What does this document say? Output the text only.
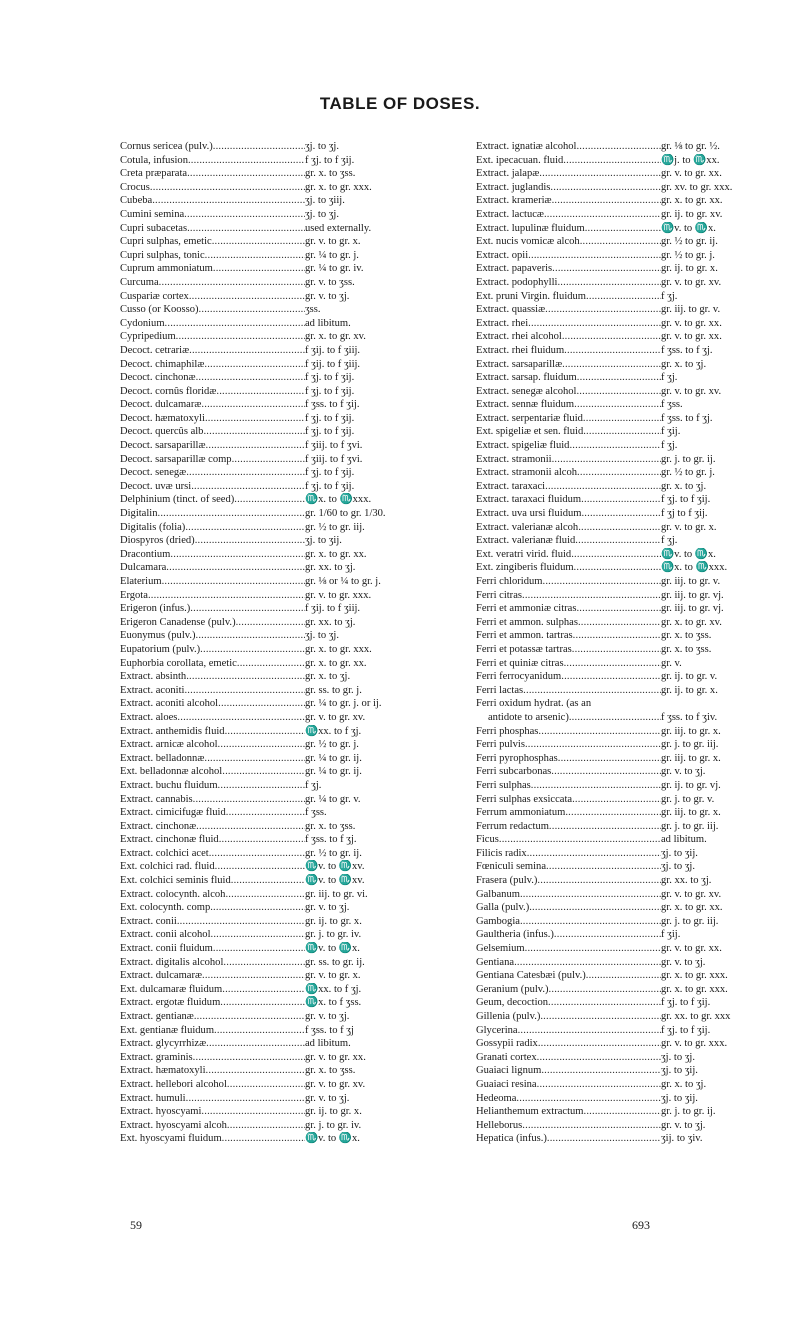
TABLE OF DOSES.
Cornus sericea (pulv.) .....	ʒj. to ʒj.
Cotula, infusion .....	f ʒj. to f ʒij.
Creta præparata .....	gr. x. to ʒss.
Crocus .....	gr. x. to gr. xxx.
Cubeba .....	ʒj. to ʒiij.
Cumini semina .....	ʒj. to ʒj.
Cupri subacetas .....	used externally.
Cupri sulphas, emetic .....	gr. v. to gr. x.
Cupri sulphas, tonic .....	gr. ¼ to gr. j.
Cuprum ammoniatum .....	gr. ¼ to gr. iv.
Curcuma .....	gr. v. to ʒss.
Cuspariæ cortex .....	gr. v. to ʒj.
Cusso (or Koosso) .....	ʒss.
Cydonium .....	ad libitum.
Cypripedium .....	gr. x. to gr. xv.
Decoct. cetrariæ .....	f ʒij. to f ʒiij.
Decoct. chimaphilæ .....	f ʒij. to f ʒiij.
Decoct. cinchonæ .....	f ʒj. to f ʒij.
Decoct. cornûs floridæ .....	f ʒj. to f ʒij.
Decoct. dulcamaræ .....	f ʒss. to f ʒij.
Decoct. hæmatoxyli .....	f ʒj. to f ʒij.
Decoct. quercûs alb .....	f ʒj. to f ʒij.
Decoct. sarsaparillæ .....	f ʒiij. to f ʒvi.
Decoct. sarsaparillæ comp .....	f ʒiij. to f ʒvi.
Decoct. senegæ .....	f ʒj. to f ʒij.
Decoct. uvæ ursi .....	f ʒj. to f ʒij.
Delphinium (tinct. of seed) .....	♏x. to ♏xxx.
Digitalin .....	gr. 1/60 to gr. 1/30.
Digitalis (folia) .....	gr. ½ to gr. iij.
Diospyros (dried) .....	ʒj. to ʒij.
Dracontium .....	gr. x. to gr. xx.
Dulcamara .....	gr. xx. to ʒj.
Elaterium .....	gr. ⅛ or ¼ to gr. j.
Ergota .....	gr. v. to gr. xxx.
Erigeron (infus.) .....	f ʒij. to f ʒiij.
Erigeron Canadense (pulv.) .....	gr. xx. to ʒj.
Euonymus (pulv.) .....	ʒj. to ʒj.
Eupatorium (pulv.) .....	gr. x. to gr. xxx.
Euphorbia corollata, emetic .....	gr. x. to gr. xx.
Extract. absinth .....	gr. x. to ʒj.
Extract. aconiti .....	gr. ss. to gr. j.
Extract. aconiti alcohol .....	gr. ¼ to gr. j. or ij.
Extract. aloes .....	gr. v. to gr. xv.
Extract. anthemidis fluid .....	♏xx. to f ʒj.
Extract. arnicæ alcohol .....	gr. ½ to gr. j.
Extract. belladonnæ .....	gr. ¼ to gr. ij.
Ext. belladonnæ alcohol .....	gr. ¼ to gr. ij.
Extract. buchu fluidum .....	f ʒj.
Extract. cannabis .....	gr. ¼ to gr. v.
Extract. cimicifugæ fluid .....	f ʒss.
Extract. cinchonæ .....	gr. x. to ʒss.
Extract. cinchonæ fluid .....	f ʒss. to f ʒj.
Extract. colchici acet .....	gr. ½ to gr. ij.
Ext. colchici rad. fluid .....	♏v. to ♏xv.
Ext. colchici seminis fluid .....	♏v. to ♏xv.
Extract. colocynth. alcoh .....	gr. iij. to gr. vi.
Ext. colocynth. comp .....	gr. v. to ʒj.
Extract. conii .....	gr. ij. to gr. x.
Extract. conii alcohol .....	gr. j. to gr. iv.
Extract. conii fluidum .....	♏v. to ♏x.
Extract. digitalis alcohol .....	gr. ss. to gr. ij.
Extract. dulcamaræ .....	gr. v. to gr. x.
Ext. dulcamaræ fluidum .....	♏xx. to f ʒj.
Extract. ergotæ fluidum .....	♏x. to f ʒss.
Extract. gentianæ .....	gr. v. to ʒj.
Ext. gentianæ fluidum .....	f ʒss. to f ʒj
Extract. glycyrrhizæ .....	ad libitum.
Extract. graminis .....	gr. v. to gr. xx.
Extract. hæmatoxyli .....	gr. x. to ʒss.
Extract. hellebori alcohol .....	gr. v. to gr. xv.
Extract. humuli .....	gr. v. to ʒj.
Extract. hyoscyami .....	gr. ij. to gr. x.
Extract. hyoscyami alcoh .....	gr. j. to gr. iv.
Ext. hyoscyami fluidum .....	♏v. to ♏x.
Extract. ignatiæ alcohol .....	gr. ⅛ to gr. ½.
Ext. ipecacuan. fluid .....	♏j. to ♏xx.
Extract. jalapæ .....	gr. v. to gr. xx.
Extract. juglandis .....	gr. xv. to gr. xxx.
Extract. krameriæ .....	gr. x. to gr. xx.
Extract. lactucæ .....	gr. ij. to gr. xv.
Extract. lupulinæ fluidum .....	♏v. to ♏x.
Ext. nucis vomicæ alcoh .....	gr. ½ to gr. ij.
Extract. opii .....	gr. ½ to gr. j.
Extract. papaveris .....	gr. ij. to gr. x.
Extract. podophylli .....	gr. v. to gr. xv.
Ext. pruni Virgin. fluidum .....	f ʒj.
Extract. quassiæ .....	gr. iij. to gr. v.
Extract. rhei .....	gr. v. to gr. xx.
Extract. rhei alcohol .....	gr. v. to gr. xx.
Extract. rhei fluidum .....	f ʒss. to f ʒj.
Extract. sarsaparillæ .....	gr. x. to ʒj.
Extract. sarsap. fluidum .....	f ʒj.
Extract. senegæ alcohol .....	gr. v. to gr. xv.
Extract. sennæ fluidum .....	f ʒss.
Extract. serpentariæ fluid .....	f ʒss. to f ʒj.
Ext. spigeliæ et sen. fluid .....	f ʒij.
Extract. spigeliæ fluid .....	f ʒj.
Extract. stramonii .....	gr. j. to gr. ij.
Extract. stramonii alcoh .....	gr. ½ to gr. j.
Extract. taraxaci .....	gr. x. to ʒj.
Extract. taraxaci fluidum .....	f ʒj. to f ʒij.
Extract. uva ursi fluidum .....	f ʒj to f ʒij.
Extract. valerianæ alcoh .....	gr. v. to gr. x.
Extract. valerianæ fluid .....	f ʒj.
Ext. veratri virid. fluid .....	♏v. to ♏x.
Ext. zingiberis fluidum .....	♏x. to ♏xxx.
Ferri chloridum .....	gr. iij. to gr. v.
Ferri citras .....	gr. iij. to gr. vj.
Ferri et ammoniæ citras .....	gr. iij. to gr. vj.
Ferri et ammon. sulphas .....	gr. x. to gr. xv.
Ferri et ammon. tartras .....	gr. x. to ʒss.
Ferri et potassæ tartras .....	gr. x. to ʒss.
Ferri et quiniæ citras .....	gr. v.
Ferri ferrocyanidum .....	gr. ij. to gr. v.
Ferri lactas .....	gr. ij. to gr. x.
Ferri oxidum hydrat. (as an
antidote to arsenic) .....	f ʒss. to f ʒiv.
Ferri phosphas .....	gr. iij. to gr. x.
Ferri pulvis .....	gr. j. to gr. iij.
Ferri pyrophosphas .....	gr. iij. to gr. x.
Ferri subcarbonas .....	gr. v. to ʒj.
Ferri sulphas .....	gr. ij. to gr. vj.
Ferri sulphas exsiccata .....	gr. j. to gr. v.
Ferrum ammoniatum .....	gr. iij. to gr. x.
Ferrum redactum .....	gr. j. to gr. iij.
Ficus .....	ad libitum.
Filicis radix .....	ʒj. to ʒij.
Fœniculi semina .....	ʒj. to ʒj.
Frasera (pulv.) .....	gr. xx. to ʒj.
Galbanum .....	gr. v. to gr. xv.
Galla (pulv.) .....	gr. x. to gr. xx.
Gambogia .....	gr. j. to gr. iij.
Gaultheria (infus.) .....	f ʒij.
Gelsemium .....	gr. v. to gr. xx.
Gentiana .....	gr. v. to ʒj.
Gentiana Catesbæi (pulv.) .....	gr. x. to gr. xxx.
Geranium (pulv.) .....	gr. x. to gr. xxx.
Geum, decoction .....	f ʒj. to f ʒij.
Gillenia (pulv.) .....	gr. xx. to gr. xxx
Glycerina .....	f ʒj. to f ʒij.
Gossypii radix .....	gr. v. to gr. xxx.
Granati cortex .....	ʒj. to ʒj.
Guaiaci lignum .....	ʒj. to ʒij.
Guaiaci resina .....	gr. x. to ʒj.
Hedeoma .....	ʒj. to ʒij.
Helianthemum extractum .....	gr. j. to gr. ij.
Helleborus .....	gr. v. to ʒj.
Hepatica (infus.) .....	ʒij. to ʒiv.
59	693
